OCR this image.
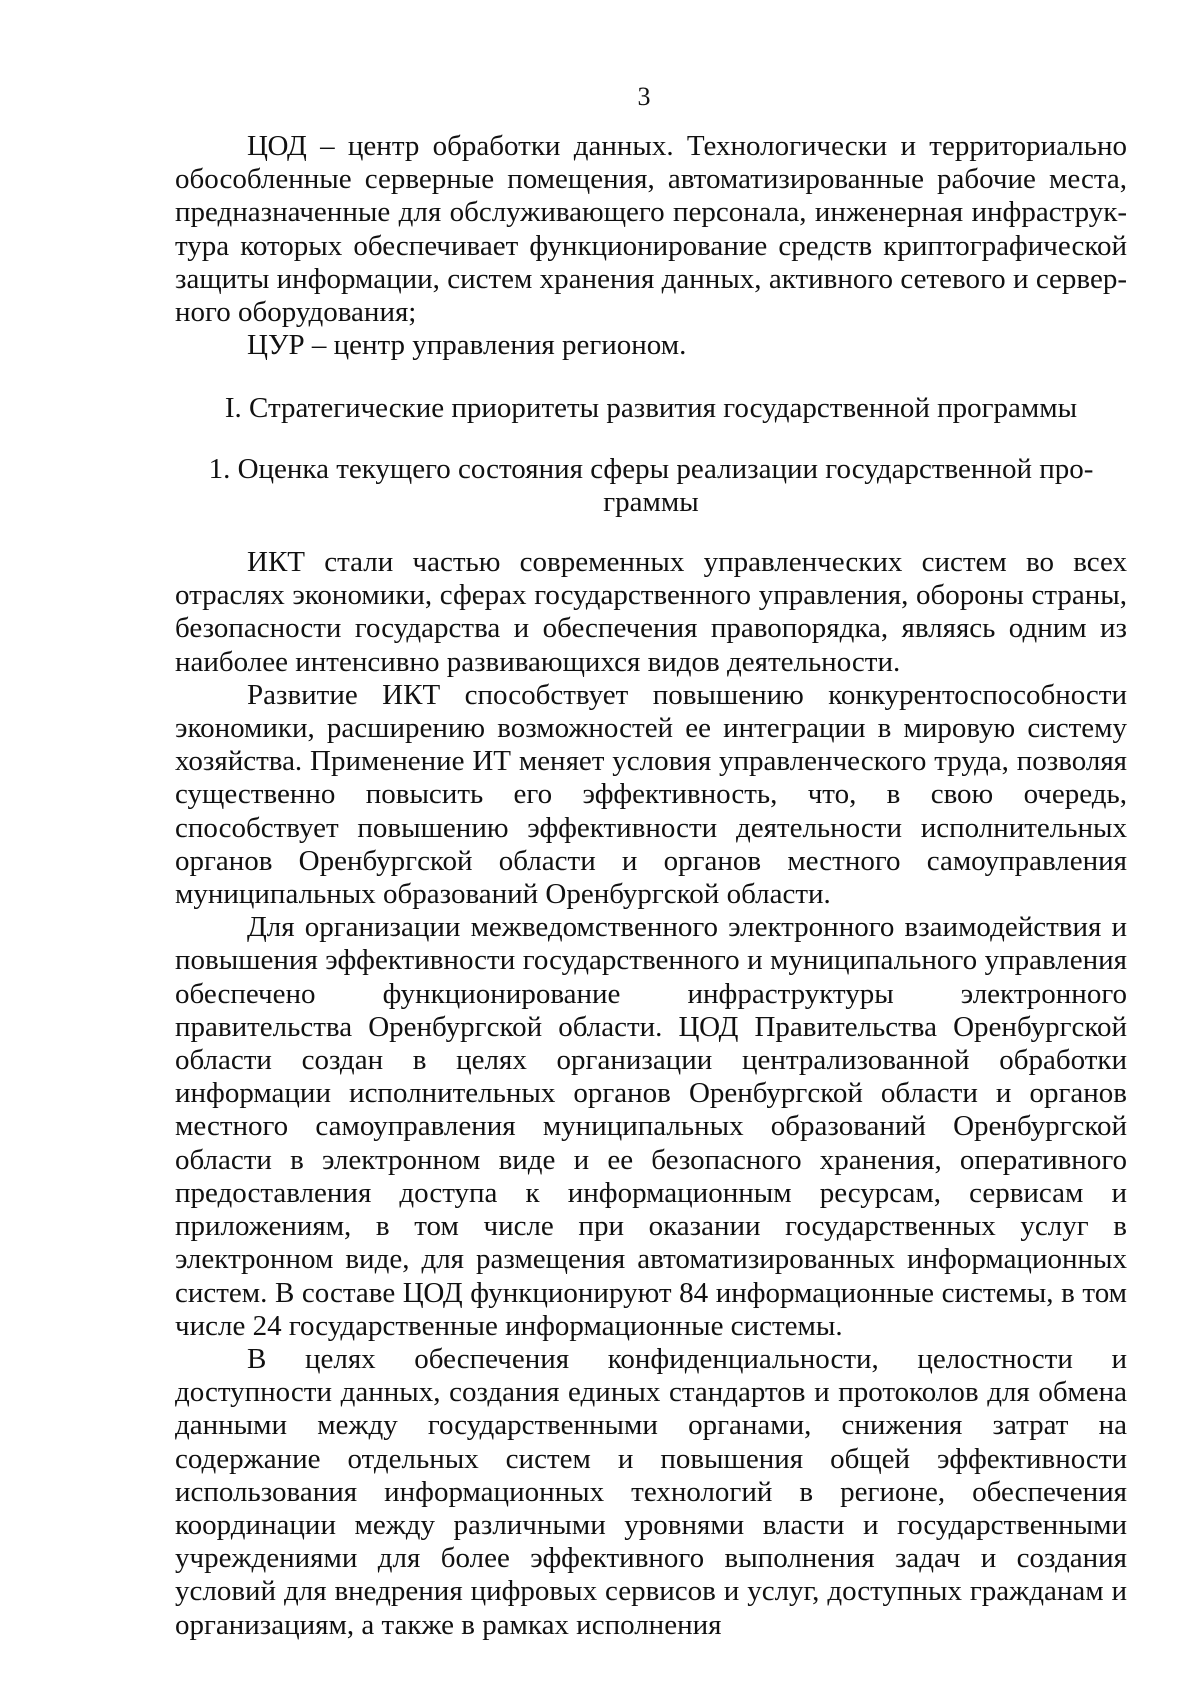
3

ЦОД – центр обработки данных. Технологически и территориально обособленные серверные помещения, автоматизированные рабочие места, предназначенные для обслуживающего персонала, инженерная инфраструктура которых обеспечивает функционирование средств криптографической защиты информации, систем хранения данных, активного сетевого и серверного оборудования;

ЦУР – центр управления регионом.

I. Стратегические приоритеты развития государственной программы

1. Оценка текущего состояния сферы реализации государственной программы

ИКТ стали частью современных управленческих систем во всех отраслях экономики, сферах государственного управления, обороны страны, безопасности государства и обеспечения правопорядка, являясь одним из наиболее интенсивно развивающихся видов деятельности.

Развитие ИКТ способствует повышению конкурентоспособности экономики, расширению возможностей ее интеграции в мировую систему хозяйства. Применение ИТ меняет условия управленческого труда, позволяя существенно повысить его эффективность, что, в свою очередь, способствует повышению эффективности деятельности исполнительных органов Оренбургской области и органов местного самоуправления муниципальных образований Оренбургской области.

Для организации межведомственного электронного взаимодействия и повышения эффективности государственного и муниципального управления обеспечено функционирование инфраструктуры электронного правительства Оренбургской области. ЦОД Правительства Оренбургской области создан в целях организации централизованной обработки информации исполнительных органов Оренбургской области и органов местного самоуправления муниципальных образований Оренбургской области в электронном виде и ее безопасного хранения, оперативного предоставления доступа к информационным ресурсам, сервисам и приложениям, в том числе при оказании государственных услуг в электронном виде, для размещения автоматизированных информационных систем. В составе ЦОД функционируют 84 информационные системы, в том числе 24 государственные информационные системы.

В целях обеспечения конфиденциальности, целостности и доступности данных, создания единых стандартов и протоколов для обмена данными между государственными органами, снижения затрат на содержание отдельных систем и повышения общей эффективности использования информационных технологий в регионе, обеспечения координации между различными уровнями власти и государственными учреждениями для более эффективного выполнения задач и создания условий для внедрения цифровых сервисов и услуг, доступных гражданам и организациям, а также в рамках исполнения
